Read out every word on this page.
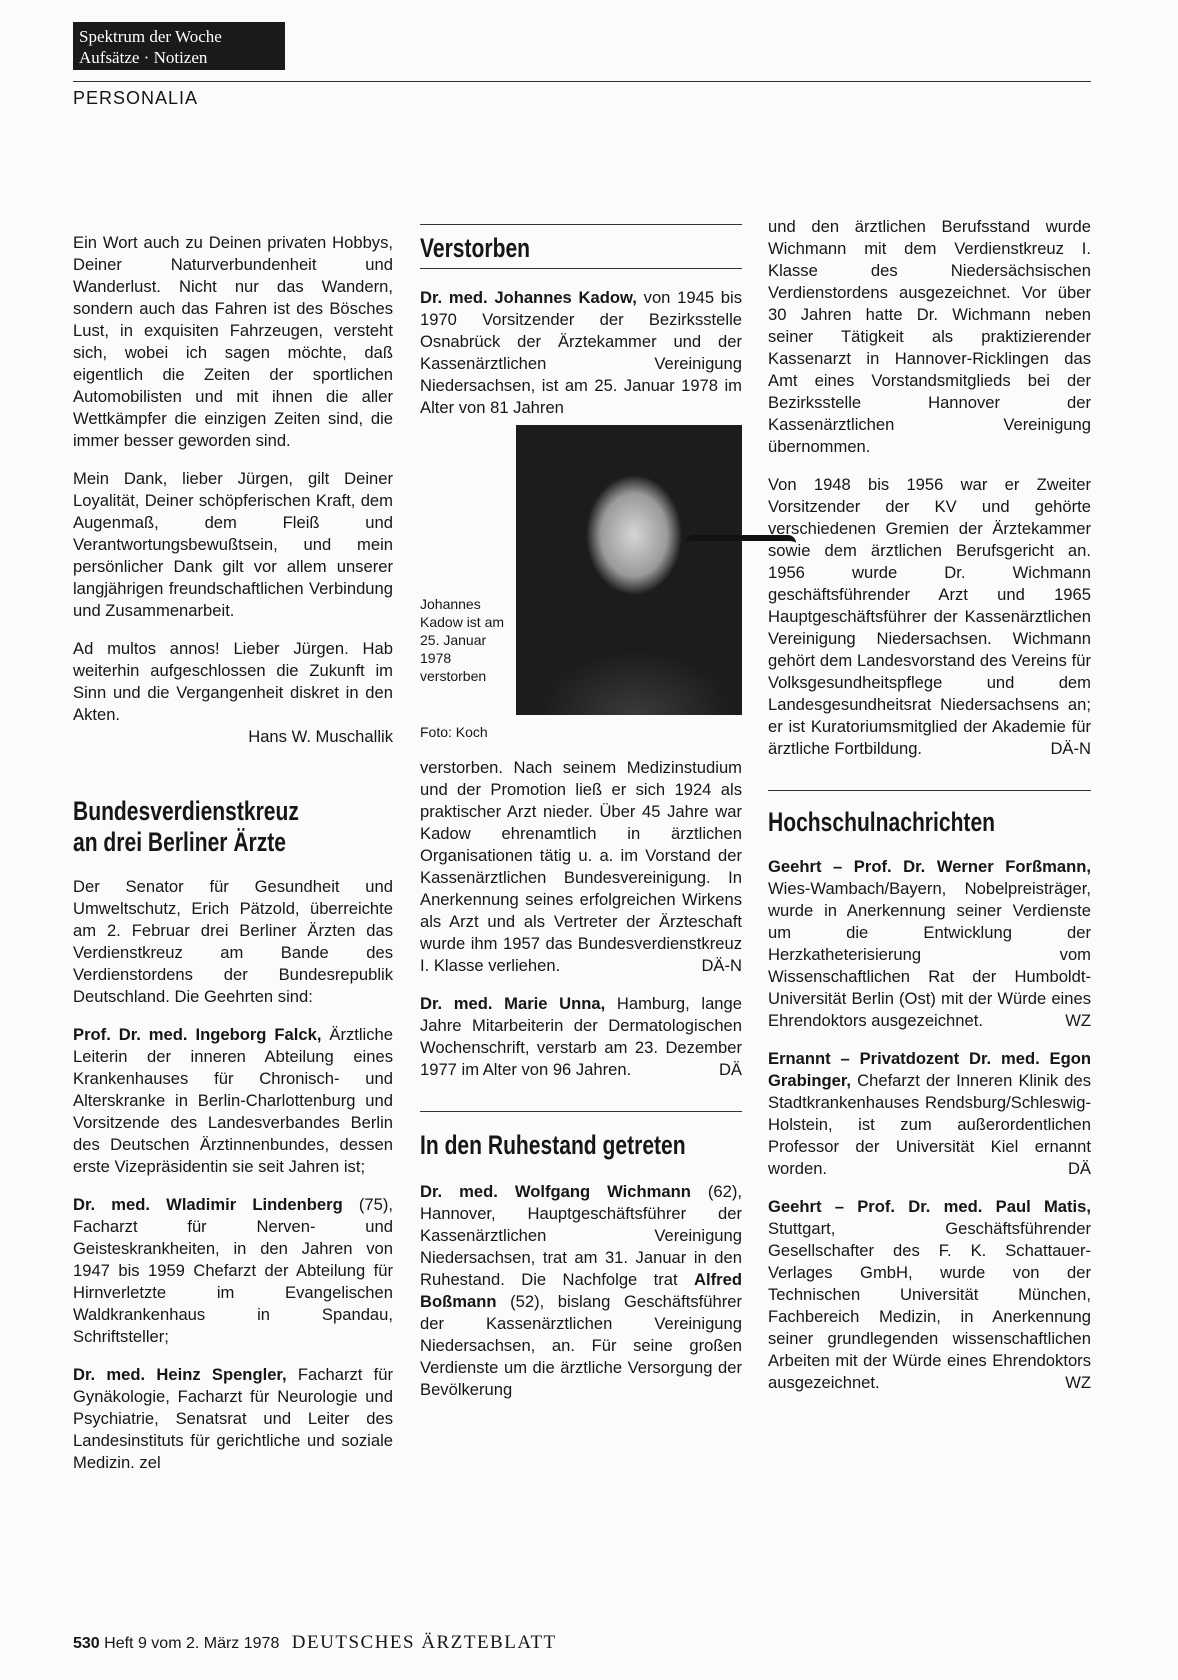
Spektrum der Woche
Aufsätze · Notizen
PERSONALIA

Ein Wort auch zu Deinen privaten Hobbys, Deiner Naturverbundenheit und Wanderlust. Nicht nur das Wandern, sondern auch das Fahren ist des Bösches Lust, in exquisiten Fahrzeugen, versteht sich, wobei ich sagen möchte, daß eigentlich die Zeiten der sportlichen Automobilisten und mit ihnen die aller Wettkämpfer die einzigen Zeiten sind, die immer besser geworden sind.

Mein Dank, lieber Jürgen, gilt Deiner Loyalität, Deiner schöpferischen Kraft, dem Augenmaß, dem Fleiß und Verantwortungsbewußtsein, und mein persönlicher Dank gilt vor allem unserer langjährigen freundschaftlichen Verbindung und Zusammenarbeit.

Ad multos annos! Lieber Jürgen. Hab weiterhin aufgeschlossen die Zukunft im Sinn und die Vergangenheit diskret in den Akten.

Hans W. Muschallik

Bundesverdienstkreuz
an drei Berliner Ärzte

Der Senator für Gesundheit und Umweltschutz, Erich Pätzold, überreichte am 2. Februar drei Berliner Ärzten das Verdienstkreuz am Bande des Verdienstordens der Bundesrepublik Deutschland. Die Geehrten sind:

Prof. Dr. med. Ingeborg Falck, Ärztliche Leiterin der inneren Abteilung eines Krankenhauses für Chronisch- und Alterskranke in Berlin-Charlottenburg und Vorsitzende des Landesverbandes Berlin des Deutschen Ärztinnenbundes, dessen erste Vizepräsidentin sie seit Jahren ist;

Dr. med. Wladimir Lindenberg (75), Facharzt für Nerven- und Geisteskrankheiten, in den Jahren von 1947 bis 1959 Chefarzt der Abteilung für Hirnverletzte im Evangelischen Waldkrankenhaus in Spandau, Schriftsteller;

Dr. med. Heinz Spengler, Facharzt für Gynäkologie, Facharzt für Neurologie und Psychiatrie, Senatsrat und Leiter des Landesinstituts für gerichtliche und soziale Medizin. zel

Verstorben

Dr. med. Johannes Kadow, von 1945 bis 1970 Vorsitzender der Bezirksstelle Osnabrück der Ärztekammer und der Kassenärztlichen Vereinigung Niedersachsen, ist am 25. Januar 1978 im Alter von 81 Jahren

Johannes Kadow ist am 25. Januar 1978 verstorben
Foto: Koch

verstorben. Nach seinem Medizinstudium und der Promotion ließ er sich 1924 als praktischer Arzt nieder. Über 45 Jahre war Kadow ehrenamtlich in ärztlichen Organisationen tätig u. a. im Vorstand der Kassenärztlichen Bundesvereinigung. In Anerkennung seines erfolgreichen Wirkens als Arzt und als Vertreter der Ärzteschaft wurde ihm 1957 das Bundesverdienstkreuz I. Klasse verliehen.	DÄ-N

Dr. med. Marie Unna, Hamburg, lange Jahre Mitarbeiterin der Dermatologischen Wochenschrift, verstarb am 23. Dezember 1977 im Alter von 96 Jahren.	DÄ

In den Ruhestand getreten

Dr. med. Wolfgang Wichmann (62), Hannover, Hauptgeschäftsführer der Kassenärztlichen Vereinigung Niedersachsen, trat am 31. Januar in den Ruhestand. Die Nachfolge trat Alfred Boßmann (52), bislang Geschäftsführer der Kassenärztlichen Vereinigung Niedersachsen, an. Für seine großen Verdienste um die ärztliche Versorgung der Bevölkerung

und den ärztlichen Berufsstand wurde Wichmann mit dem Verdienstkreuz I. Klasse des Niedersächsischen Verdienstordens ausgezeichnet. Vor über 30 Jahren hatte Dr. Wichmann neben seiner Tätigkeit als praktizierender Kassenarzt in Hannover-Ricklingen das Amt eines Vorstandsmitglieds bei der Bezirksstelle Hannover der Kassenärztlichen Vereinigung übernommen.

Von 1948 bis 1956 war er Zweiter Vorsitzender der KV und gehörte verschiedenen Gremien der Ärztekammer sowie dem ärztlichen Berufsgericht an. 1956 wurde Dr. Wichmann geschäftsführender Arzt und 1965 Hauptgeschäftsführer der Kassenärztlichen Vereinigung Niedersachsen. Wichmann gehört dem Landesvorstand des Vereins für Volksgesundheitspflege und dem Landesgesundheitsrat Niedersachsens an; er ist Kuratoriumsmitglied der Akademie für ärztliche Fortbildung.	DÄ-N

Hochschulnachrichten

Geehrt – Prof. Dr. Werner Forßmann, Wies-Wambach/Bayern, Nobelpreisträger, wurde in Anerkennung seiner Verdienste um die Entwicklung der Herzkatheterisierung vom Wissenschaftlichen Rat der Humboldt-Universität Berlin (Ost) mit der Würde eines Ehrendoktors ausgezeichnet.	WZ

Ernannt – Privatdozent Dr. med. Egon Grabinger, Chefarzt der Inneren Klinik des Stadtkrankenhauses Rendsburg/Schleswig-Holstein, ist zum außerordentlichen Professor der Universität Kiel ernannt worden.	DÄ

Geehrt – Prof. Dr. med. Paul Matis, Stuttgart, Geschäftsführender Gesellschafter des F. K. Schattauer-Verlages GmbH, wurde von der Technischen Universität München, Fachbereich Medizin, in Anerkennung seiner grundlegenden wissenschaftlichen Arbeiten mit der Würde eines Ehrendoktors ausgezeichnet.	WZ

530 Heft 9 vom 2. März 1978 DEUTSCHES ÄRZTEBLATT
